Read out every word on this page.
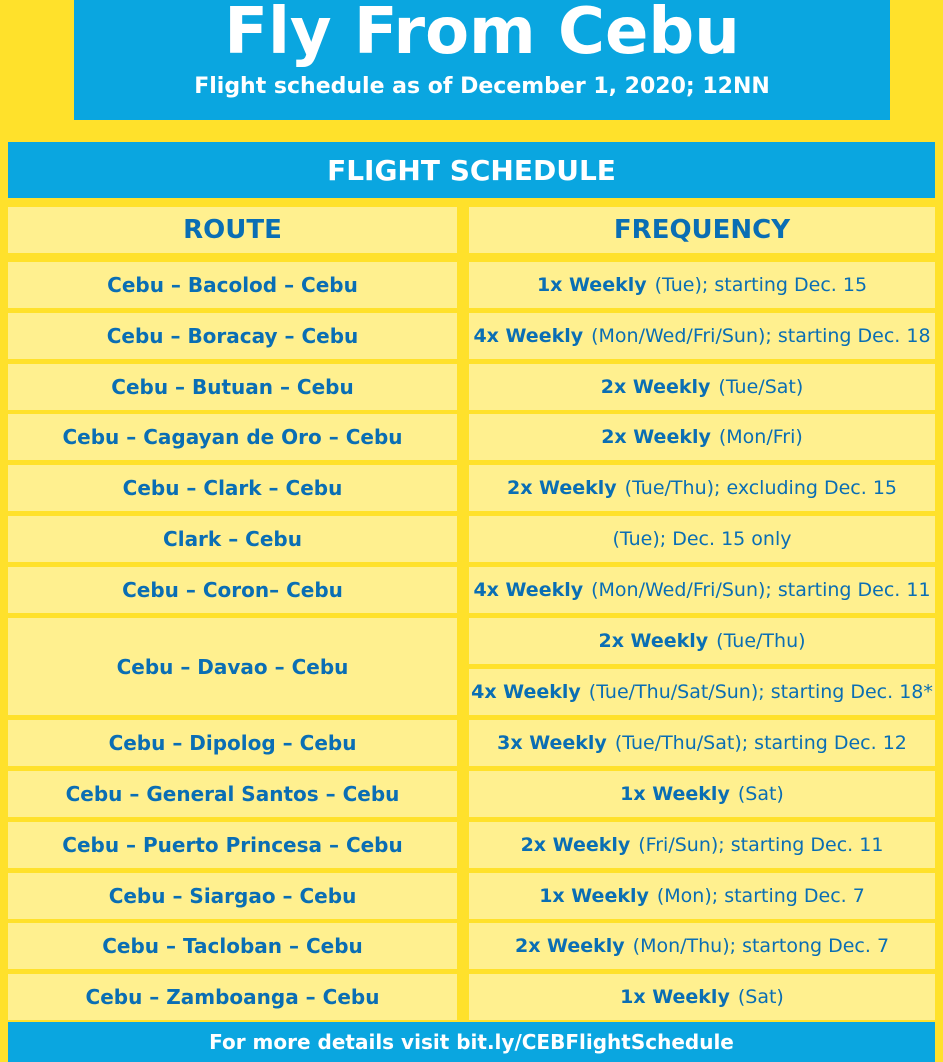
Fly From Cebu
Flight schedule as of December 1, 2020; 12NN
FLIGHT SCHEDULE
ROUTE	FREQUENCY
Cebu – Bacolod – Cebu
Cebu – Boracay – Cebu
Cebu – Butuan – Cebu
Cebu – Cagayan de Oro – Cebu
Cebu – Clark – Cebu
Clark – Cebu
Cebu – Coron– Cebu
Cebu – Davao – Cebu
Cebu – Dipolog – Cebu
Cebu – General Santos – Cebu
Cebu – Puerto Princesa – Cebu
Cebu – Siargao – Cebu
Cebu – Tacloban – Cebu
Cebu – Zamboanga – Cebu
1x Weekly (Tue); starting Dec. 15
4x Weekly (Mon/Wed/Fri/Sun); starting Dec. 18
2x Weekly (Tue/Sat)
2x Weekly (Mon/Fri)
2x Weekly (Tue/Thu); excluding Dec. 15
(Tue); Dec. 15 only
4x Weekly (Mon/Wed/Fri/Sun); starting Dec. 11
2x Weekly (Tue/Thu)
4x Weekly (Tue/Thu/Sat/Sun); starting Dec. 18*
3x Weekly (Tue/Thu/Sat); starting Dec. 12
1x Weekly (Sat)
2x Weekly (Fri/Sun); starting Dec. 11
1x Weekly (Mon); starting Dec. 7
2x Weekly (Mon/Thu); startong Dec. 7
1x Weekly (Sat)
For more details visit bit.ly/CEBFlightSchedule
